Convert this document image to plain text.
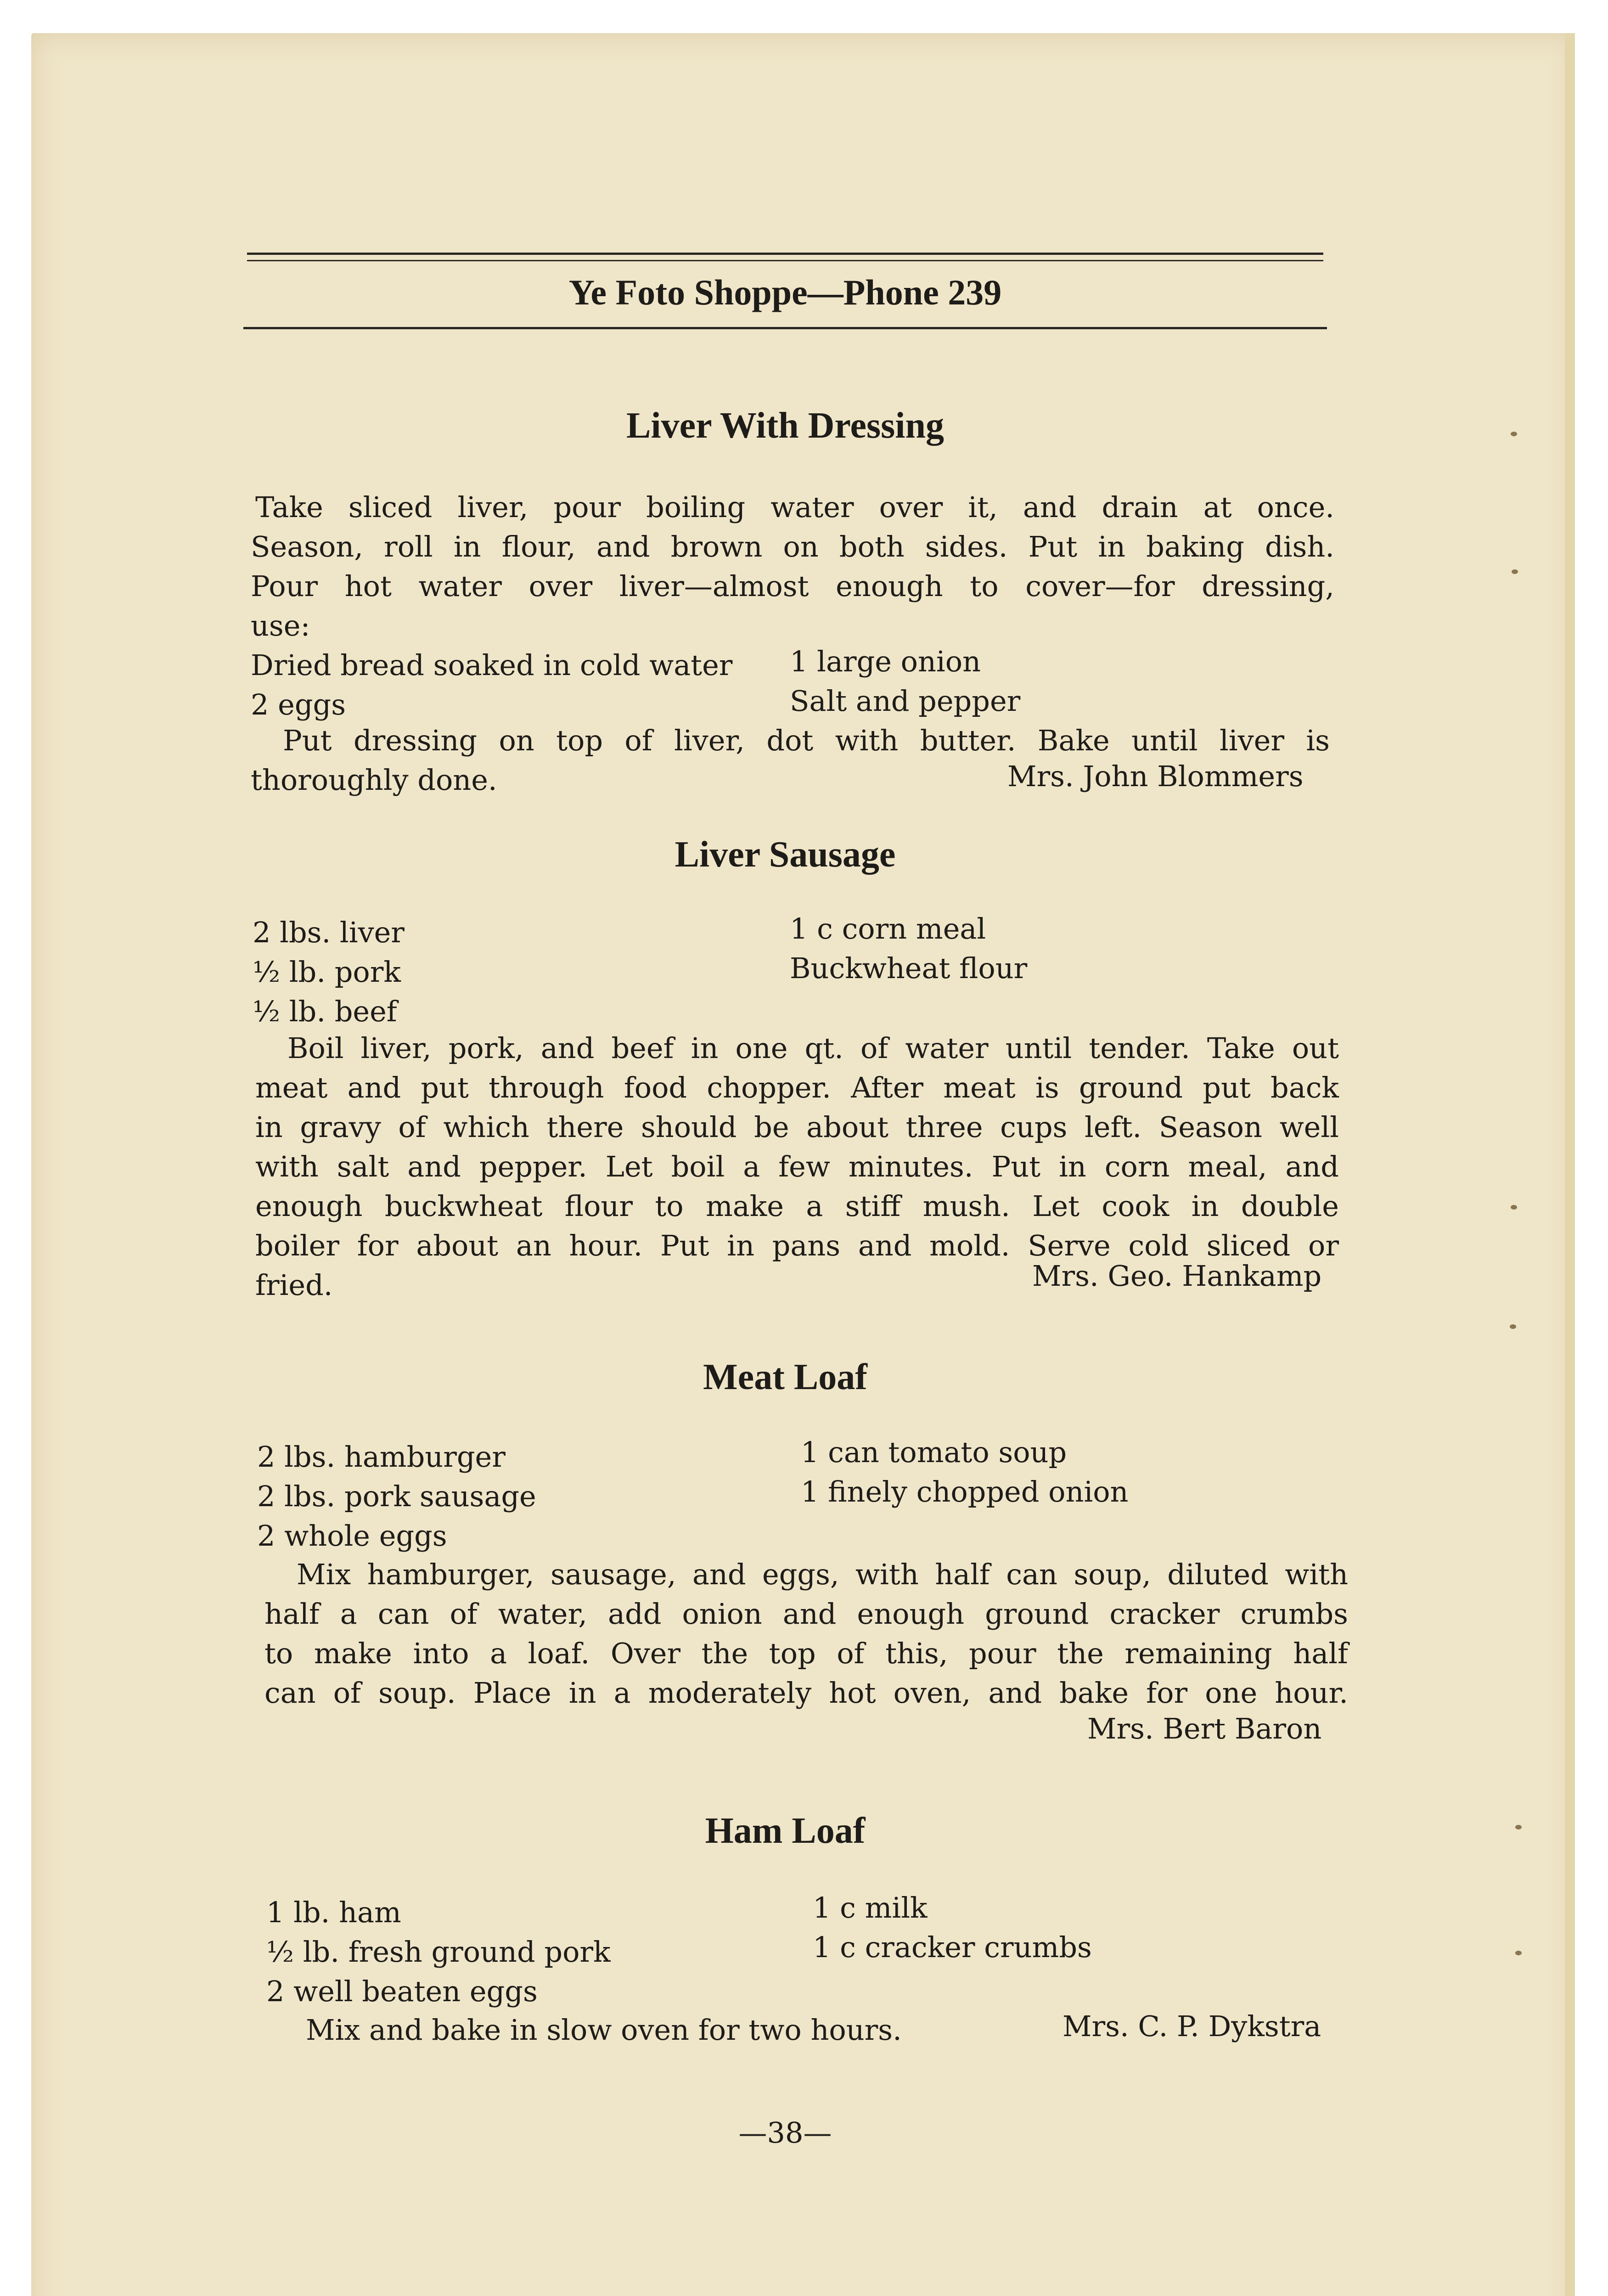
Ye Foto Shoppe—Phone 239
Liver With Dressing
Take sliced liver, pour boiling water over it, and drain at once.
Season, roll in flour, and brown on both sides. Put in baking dish.
Pour hot water over liver—almost enough to cover—for dressing,
use:
Dried bread soaked in cold water
2 eggs
1 large onion
Salt and pepper
Put dressing on top of liver, dot with butter. Bake until liver is
thoroughly done.	Mrs. John Blommers
Liver Sausage
2 lbs. liver
½ lb. pork
½ lb. beef
1 c corn meal
Buckwheat flour
Boil liver, pork, and beef in one qt. of water until tender. Take out
meat and put through food chopper. After meat is ground put back
in gravy of which there should be about three cups left. Season well
with salt and pepper. Let boil a few minutes. Put in corn meal, and
enough buckwheat flour to make a stiff mush. Let cook in double
boiler for about an hour. Put in pans and mold. Serve cold sliced or
fried.	Mrs. Geo. Hankamp
Meat Loaf
2 lbs. hamburger
2 lbs. pork sausage
2 whole eggs
1 can tomato soup
1 finely chopped onion
Mix hamburger, sausage, and eggs, with half can soup, diluted with
half a can of water, add onion and enough ground cracker crumbs
to make into a loaf. Over the top of this, pour the remaining half
can of soup. Place in a moderately hot oven, and bake for one hour.
Mrs. Bert Baron
Ham Loaf
1 lb. ham
½ lb. fresh ground pork
2 well beaten eggs
1 c milk
1 c cracker crumbs
Mix and bake in slow oven for two hours.	Mrs. C. P. Dykstra
—38—
